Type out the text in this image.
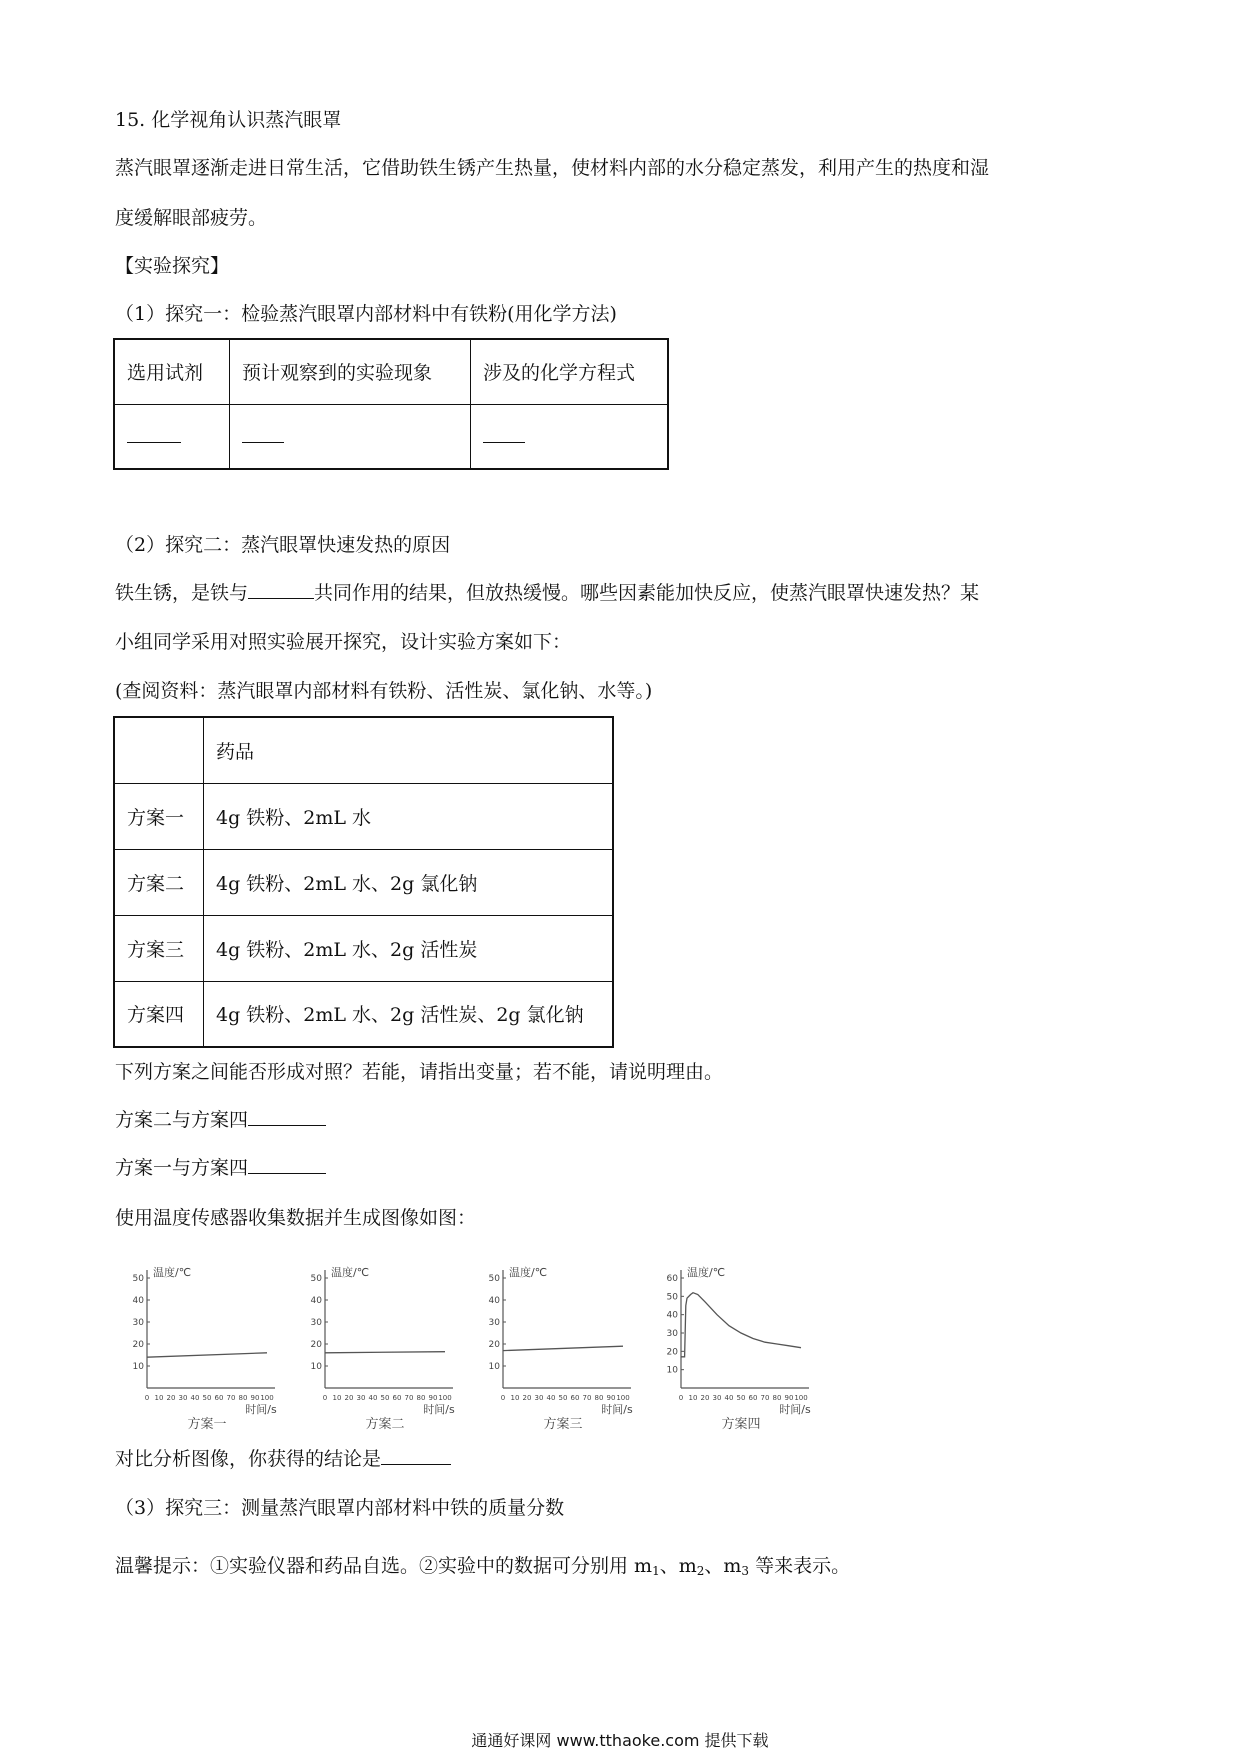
15. 化学视角认识蒸汽眼罩
蒸汽眼罩逐渐走进日常生活，它借助铁生锈产生热量，使材料内部的水分稳定蒸发，利用产生的热度和湿
度缓解眼部疲劳。
【实验探究】
（1）探究一：检验蒸汽眼罩内部材料中有铁粉(用化学方法)
选用试剂	预计观察到的实验现象	涉及的化学方程式

（2）探究二：蒸汽眼罩快速发热的原因
铁生锈，是铁与	共同作用的结果，但放热缓慢。哪些因素能加快反应，使蒸汽眼罩快速发热？某
小组同学采用对照实验展开探究，设计实验方案如下：
(查阅资料：蒸汽眼罩内部材料有铁粉、活性炭、氯化钠、水等。)
	药品
方案一	4g 铁粉、2mL 水
方案二	4g 铁粉、2mL 水、2g 氯化钠
方案三	4g 铁粉、2mL 水、2g 活性炭
方案四	4g 铁粉、2mL 水、2g 活性炭、2g 氯化钠
下列方案之间能否形成对照？若能，请指出变量；若不能，请说明理由。
方案二与方案四
方案一与方案四
使用温度传感器收集数据并生成图像如图：
10
20
30
40
50
0 10 20 30 40 50 60 70 80 90 100
温度/℃
时间/s
方案一
10
20
30
40
50
0 10 20 30 40 50 60 70 80 90 100
温度/℃
时间/s
方案二
10
20
30
40
50
0 10 20 30 40 50 60 70 80 90 100
温度/℃
时间/s
方案三
10
20
30
40
50
60
0 10 20 30 40 50 60 70 80 90 100
温度/℃
时间/s
方案四
对比分析图像，你获得的结论是
（3）探究三：测量蒸汽眼罩内部材料中铁的质量分数
温馨提示：①实验仪器和药品自选。②实验中的数据可分别用 $m_1$、$m_2$、$m_3$ 等来表示。
通通好课网 www.tthaoke.com 提供下载
